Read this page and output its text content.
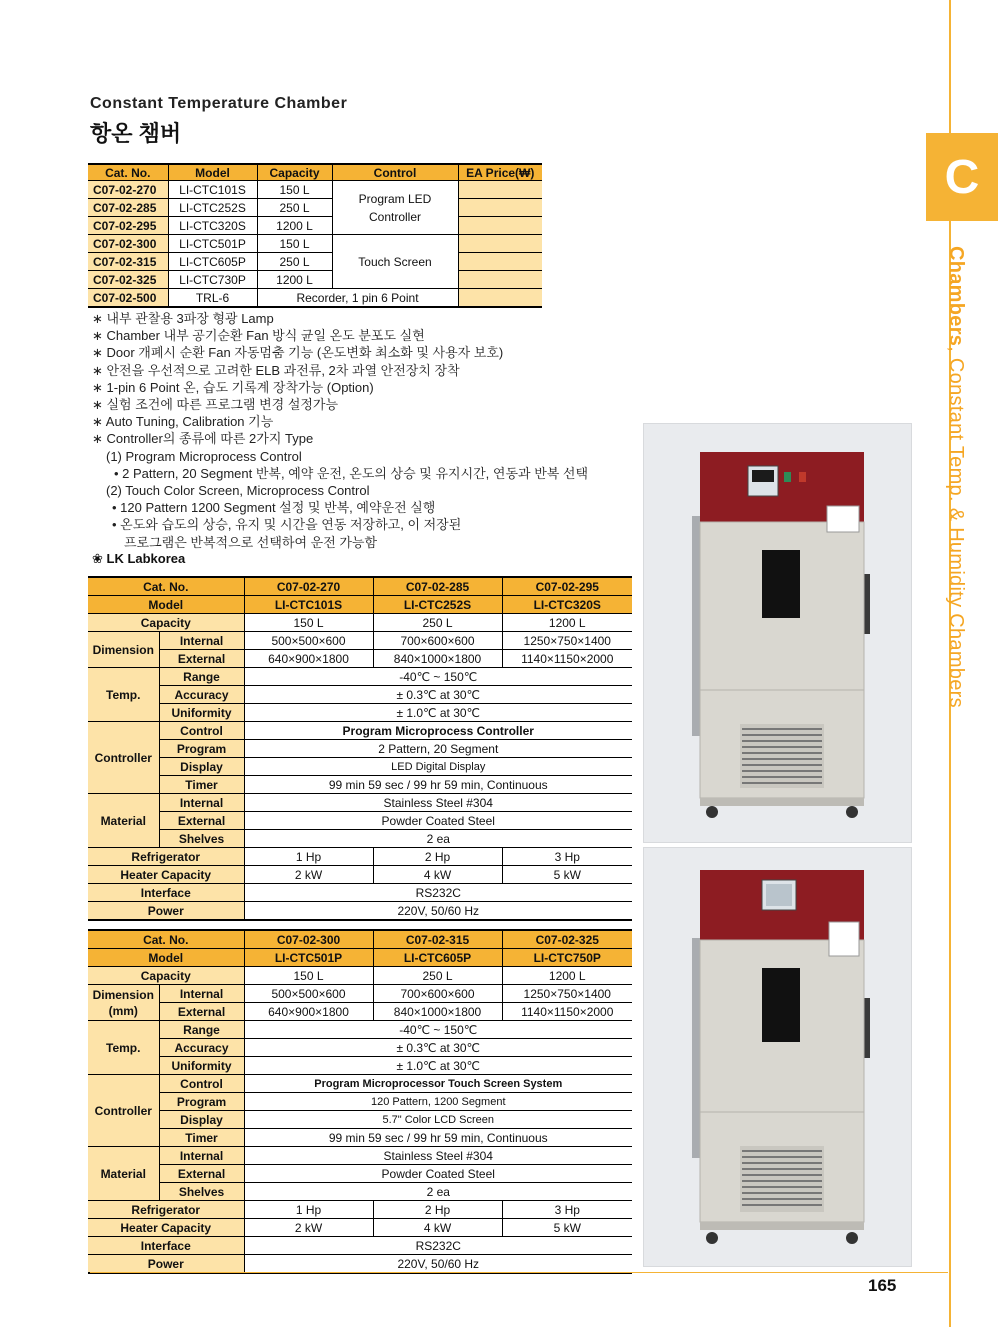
C
Chambers, Constant Temp. & Humidity Chambers
Constant Temperature Chamber
항온 챔버
Cat. No.	Model	Capacity	Control	EA Price(₩)
C07-02-270	LI-CTC101S	150 L	Program LED
Controller	
C07-02-285	LI-CTC252S	250 L		
C07-02-295	LI-CTC320S	1200 L		
C07-02-300	LI-CTC501P	150 L	Touch Screen	
C07-02-315	LI-CTC605P	250 L		
C07-02-325	LI-CTC730P	1200 L		
C07-02-500	TRL-6	Recorder, 1 pin 6 Point		
∗ 내부 관찰용 3파장 형광 Lamp
∗ Chamber 내부 공기순환 Fan 방식 균일 온도 분포도 실현
∗ Door 개폐시 순환 Fan 자동멈춤 기능 (온도변화 최소화 및 사용자 보호)
∗ 안전을 우선적으로 고려한 ELB 과전류, 2차 과열 안전장치 장착
∗ 1-pin 6 Point 온, 습도 기록계 장착가능 (Option)
∗ 실험 조건에 따른 프로그램 변경 설정가능
∗ Auto Tuning, Calibration 기능
∗ Controller의 종류에 따른 2가지 Type
(1) Program Microprocess Control
• 2 Pattern, 20 Segment 반복, 예약 운전, 온도의 상승 및 유지시간, 연동과 반복 선택
(2) Touch Color Screen, Microprocess Control
• 120 Pattern 1200 Segment 설정 및 반복, 예약운전 실행
• 온도와 습도의 상승, 유지 및 시간을 연동 저장하고, 이 저장된
프로그램은 반복적으로 선택하여 운전 가능함
❀ LK Labkorea
Cat. No.		C07-02-270	C07-02-285	C07-02-295
Model		LI-CTC101S	LI-CTC252S	LI-CTC320S
Capacity		150 L	250 L	1200 L
Dimension	Internal	500×500×600	700×600×600	1250×750×1400
	External	640×900×1800	840×1000×1800	1140×1150×2000
Temp.	Range	-40℃ ~ 150℃		
	Accuracy	± 0.3℃ at 30℃		
	Uniformity	± 1.0℃ at 30℃		
Controller	Control	Program Microprocess Controller		
	Program	2 Pattern, 20 Segment		
	Display	LED Digital Display		
	Timer	99 min 59 sec / 99 hr 59 min, Continuous		
Material	Internal	Stainless Steel #304		
	External	Powder Coated Steel		
	Shelves	2 ea		
Refrigerator		1 Hp	2 Hp	3 Hp
Heater Capacity		2 kW	4 kW	5 kW
Interface		RS232C		
Power		220V, 50/60 Hz		
Cat. No.		C07-02-300	C07-02-315	C07-02-325
Model		LI-CTC501P	LI-CTC605P	LI-CTC750P
Capacity		150 L	250 L	1200 L
Dimension
(mm)	Internal	500×500×600	700×600×600	1250×750×1400
	External	640×900×1800	840×1000×1800	1140×1150×2000
Temp.	Range	-40℃ ~ 150℃		
	Accuracy	± 0.3℃ at 30℃		
	Uniformity	± 1.0℃ at 30℃		
Controller	Control	Program Microprocessor Touch Screen System		
	Program	120 Pattern, 1200 Segment		
	Display	5.7" Color LCD Screen		
	Timer	99 min 59 sec / 99 hr 59 min, Continuous		
Material	Internal	Stainless Steel #304		
	External	Powder Coated Steel		
	Shelves	2 ea		
Refrigerator		1 Hp	2 Hp	3 Hp
Heater Capacity		2 kW	4 kW	5 kW
Interface		RS232C		
Power		220V, 50/60 Hz		
165
